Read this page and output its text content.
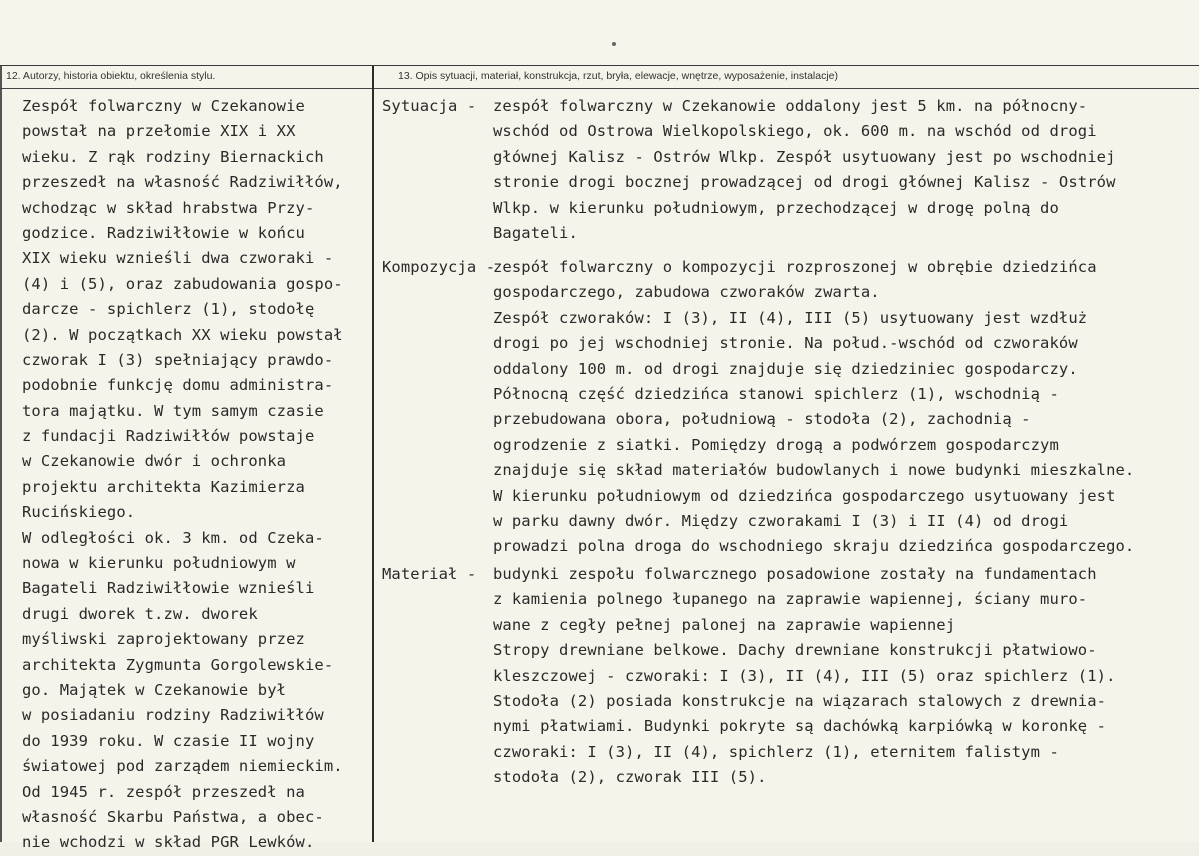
12. Autorzy, historia obiektu, określenia stylu.	13. Opis sytuacji, materiał, konstrukcja, rzut, bryła, elewacje, wnętrze, wyposażenie, instalacje)
Zespół folwarczny w Czekanowie
powstał na przełomie XIX i XX
wieku. Z rąk rodziny Biernackich
przeszedł na własność Radziwiłłów,
wchodząc w skład hrabstwa Przy-
godzice. Radziwiłłowie w końcu
XIX wieku wznieśli dwa czworaki -
(4) i (5), oraz zabudowania gospo-
darcze - spichlerz (1), stodołę
(2). W początkach XX wieku powstał
czworak I (3) spełniający prawdo-
podobnie funkcję domu administra-
tora majątku. W tym samym czasie
z fundacji Radziwiłłów powstaje
w Czekanowie dwór i ochronka
projektu architekta Kazimierza
Rucińskiego.
W odległości ok. 3 km. od Czeka-
nowa w kierunku południowym w
Bagateli Radziwiłłowie wznieśli
drugi dworek t.zw. dworek
myśliwski zaprojektowany przez
architekta Zygmunta Gorgolewskie-
go. Majątek w Czekanowie był
w posiadaniu rodziny Radziwiłłów
do 1939 roku. W czasie II wojny
światowej pod zarządem niemieckim.
Od 1945 r. zespół przeszedł na
własność Skarbu Państwa, a obec-
nie wchodzi w skład PGR Lewków.
Sytuacja - zespół folwarczny w Czekanowie oddalony jest 5 km. na północny-
wschód od Ostrowa Wielkopolskiego, ok. 600 m. na wschód od drogi
głównej Kalisz - Ostrów Wlkp. Zespół usytuowany jest po wschodniej
stronie drogi bocznej prowadzącej od drogi głównej Kalisz - Ostrów
Wlkp. w kierunku południowym, przechodzącej w drogę polną do
Bagateli.
Kompozycja -
zespół folwarczny o kompozycji rozproszonej w obrębie dziedzińca
gospodarczego, zabudowa czworaków zwarta.
Zespół czworaków: I (3), II (4), III (5) usytuowany jest wzdłuż
drogi po jej wschodniej stronie. Na połud.-wschód od czworaków
oddalony 100 m. od drogi znajduje się dziedziniec gospodarczy.
Północną część dziedzińca stanowi spichlerz (1), wschodnią -
przebudowana obora, południową - stodoła (2), zachodnią -
ogrodzenie z siatki. Pomiędzy drogą a podwórzem gospodarczym
znajduje się skład materiałów budowlanych i nowe budynki mieszkalne.
W kierunku południowym od dziedzińca gospodarczego usytuowany jest
w parku dawny dwór. Między czworakami I (3) i II (4) od drogi
prowadzi polna droga do wschodniego skraju dziedzińca gospodarczego.
Materiał - budynki zespołu folwarcznego posadowione zostały na fundamentach
z kamienia polnego łupanego na zaprawie wapiennej, ściany muro-
wane z cegły pełnej palonej na zaprawie wapiennej
Stropy drewniane belkowe. Dachy drewniane konstrukcji płatwiowo-
kleszczowej - czworaki: I (3), II (4), III (5) oraz spichlerz (1).
Stodoła (2) posiada konstrukcje na wiązarach stalowych z drewnia-
nymi płatwiami. Budynki pokryte są dachówką karpiówką w koronkę -
czworaki: I (3), II (4), spichlerz (1), eternitem falistym -
stodoła (2), czworak III (5).
